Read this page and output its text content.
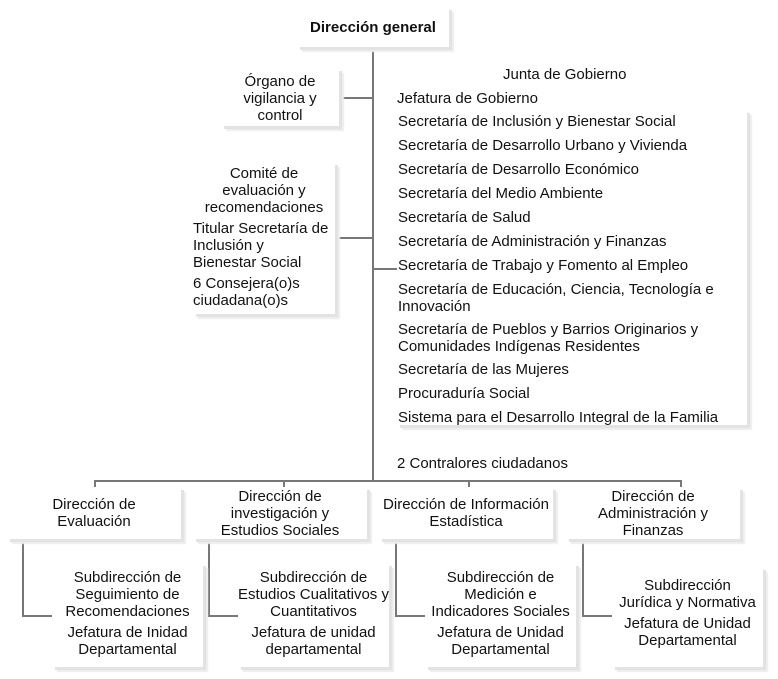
Dirección general
Órgano de vigilancia y control
Comité de evaluación y recomendaciones
Titular Secretaría de Inclusión y Bienestar Social
6 Consejera(o)s ciudadana(o)s
Junta de Gobierno
Jefatura de Gobierno
Secretaría de Inclusión y Bienestar Social
Secretaría de Desarrollo Urbano y Vivienda
Secretaría de Desarrollo Económico
Secretaría del Medio Ambiente
Secretaría de Salud
Secretaría de Administración y Finanzas
Secretaría de Trabajo y Fomento al Empleo
Secretaría de Educación, Ciencia, Tecnología e Innovación
Secretaría de Pueblos y Barrios Originarios y Comunidades Indígenas Residentes
Secretaría de las Mujeres
Procuraduría Social
Sistema para el Desarrollo Integral de la Familia
2 Contralores ciudadanos
Dirección de Evaluación
Dirección de investigación y Estudios Sociales
Dirección de Información Estadística
Dirección de Administración y Finanzas
Subdirección de Seguimiento de Recomendaciones
Jefatura de Inidad Departamental
Subdirección de Estudios Cualitativos y Cuantitativos
Jefatura de unidad departamental
Subdirección de Medición e Indicadores Sociales
Jefatura de Unidad Departamental
Subdirección Jurídica y Normativa
Jefatura de Unidad Departamental
